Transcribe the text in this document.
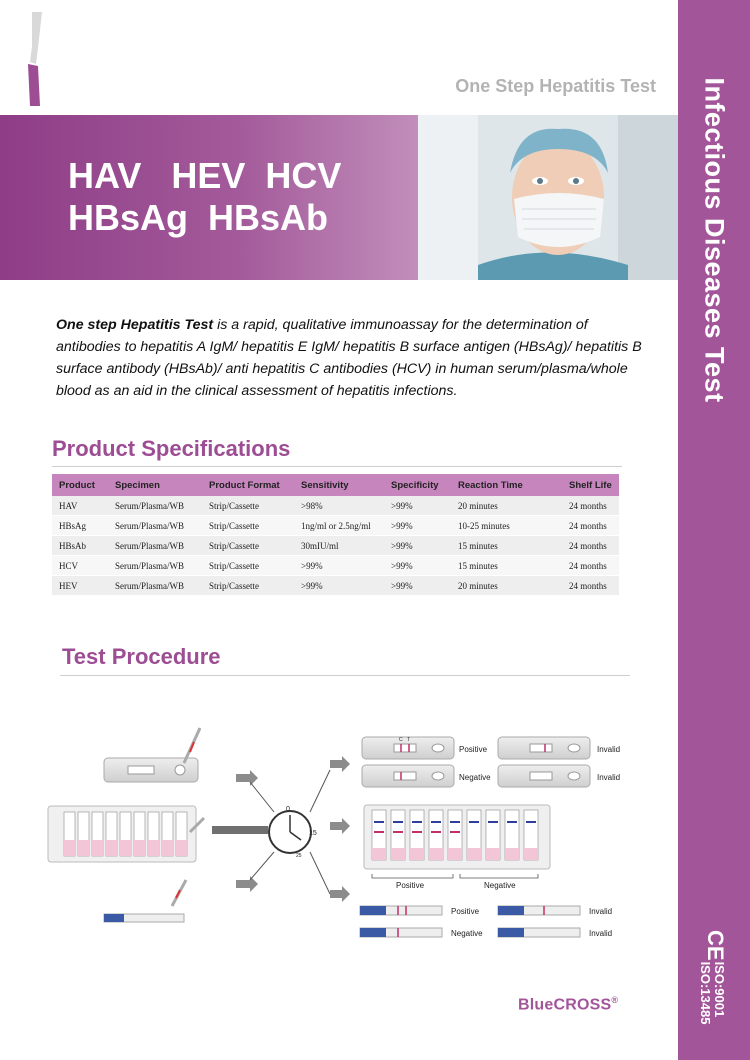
Infectious Diseases Test
CE
ISO:9001
ISO:13485
One Step Hepatitis Test
HAV   HEV  HCV
HBsAg  HBsAb
One step Hepatitis Test is a rapid, qualitative immunoassay for the determination of antibodies to hepatitis A IgM/ hepatitis E IgM/ hepatitis B surface antigen (HBsAg)/ hepatitis B surface antibody (HBsAb)/ anti hepatitis C antibodies (HCV) in human serum/plasma/whole blood as an aid in the clinical assessment of hepatitis infections.
Product Specifications
Product	Specimen	Product Format	Sensitivity	Specificity	Reaction Time	Shelf Life
HAV	Serum/Plasma/WB	Strip/Cassette	>98%	>99%	20 minutes	24 months
HBsAg	Serum/Plasma/WB	Strip/Cassette	1ng/ml or 2.5ng/ml	>99%	10-25 minutes	24 months
HBsAb	Serum/Plasma/WB	Strip/Cassette	30mIU/ml	>99%	15 minutes	24 months
HCV	Serum/Plasma/WB	Strip/Cassette	>99%	>99%	15 minutes	24 months
HEV	Serum/Plasma/WB	Strip/Cassette	>99%	>99%	20 minutes	24 months
Test Procedure
0
15
25
C T
Positive
Negative
Invalid
Invalid
Positive	Negative
Positive
Negative
Invalid
Invalid
BlueCROSS®
